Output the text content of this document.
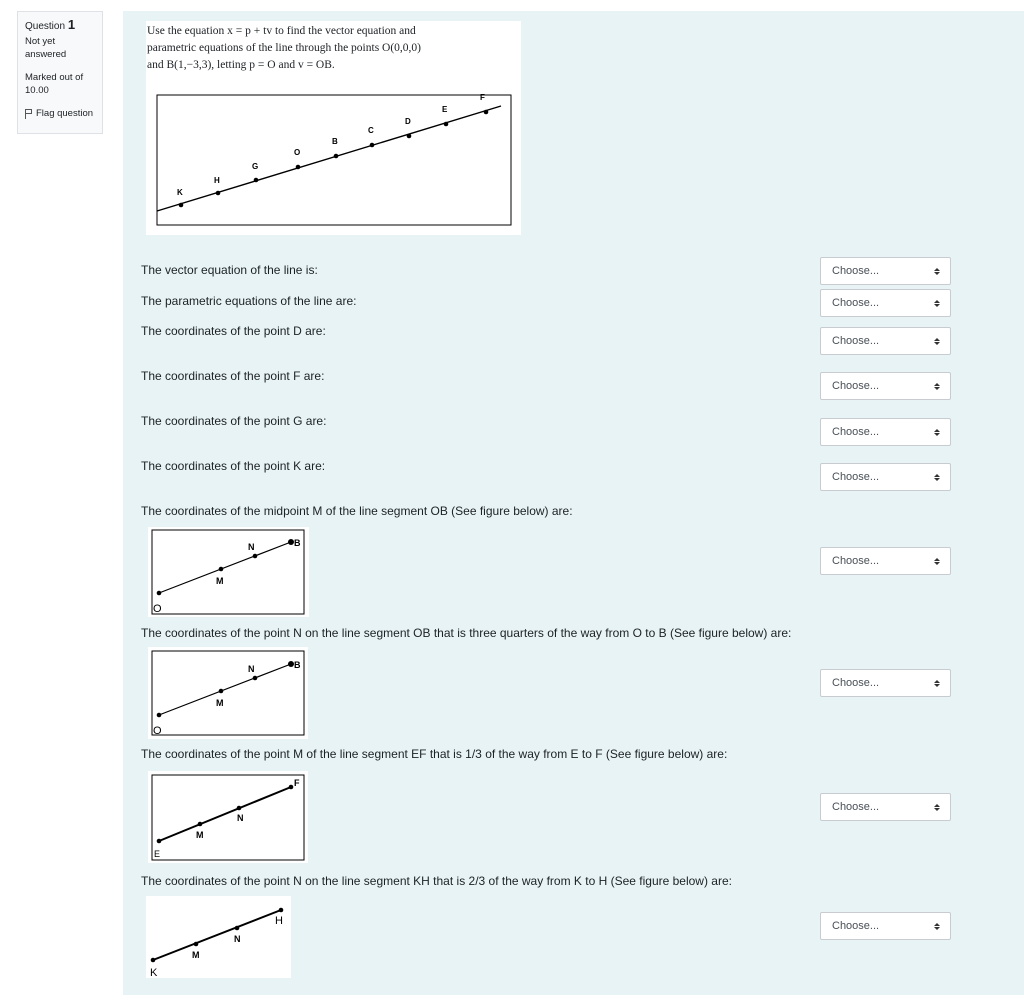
Question 1
Not yet answered
Marked out of 10.00
Flag question
Use the equation x = p + tv to find the vector equation and
parametric equations of the line through the points O(0,0,0)
and B(1,−3,3), letting p = O and v = OB.
K
H
G
O
B
C
D
E
F
The vector equation of the line is:
The parametric equations of the line are:
The coordinates of the point D are:
The coordinates of the point F are:
The coordinates of the point G are:
The coordinates of the point K are:
The coordinates of the midpoint M of the line segment OB (See figure below) are:
The coordinates of the point N on the line segment OB that is three quarters of the way from O to B (See figure below) are:
The coordinates of the point M of the line segment EF that is 1/3 of the way from E to F (See figure below) are:
The coordinates of the point N on the line segment KH that is 2/3 of the way from K to H (See figure below) are:
O
M
N	B
O
M
N	B
E
M
N
F
K
M
N
H
Choose...
Choose...
Choose...
Choose...
Choose...
Choose...
Choose...
Choose...
Choose...
Choose...
